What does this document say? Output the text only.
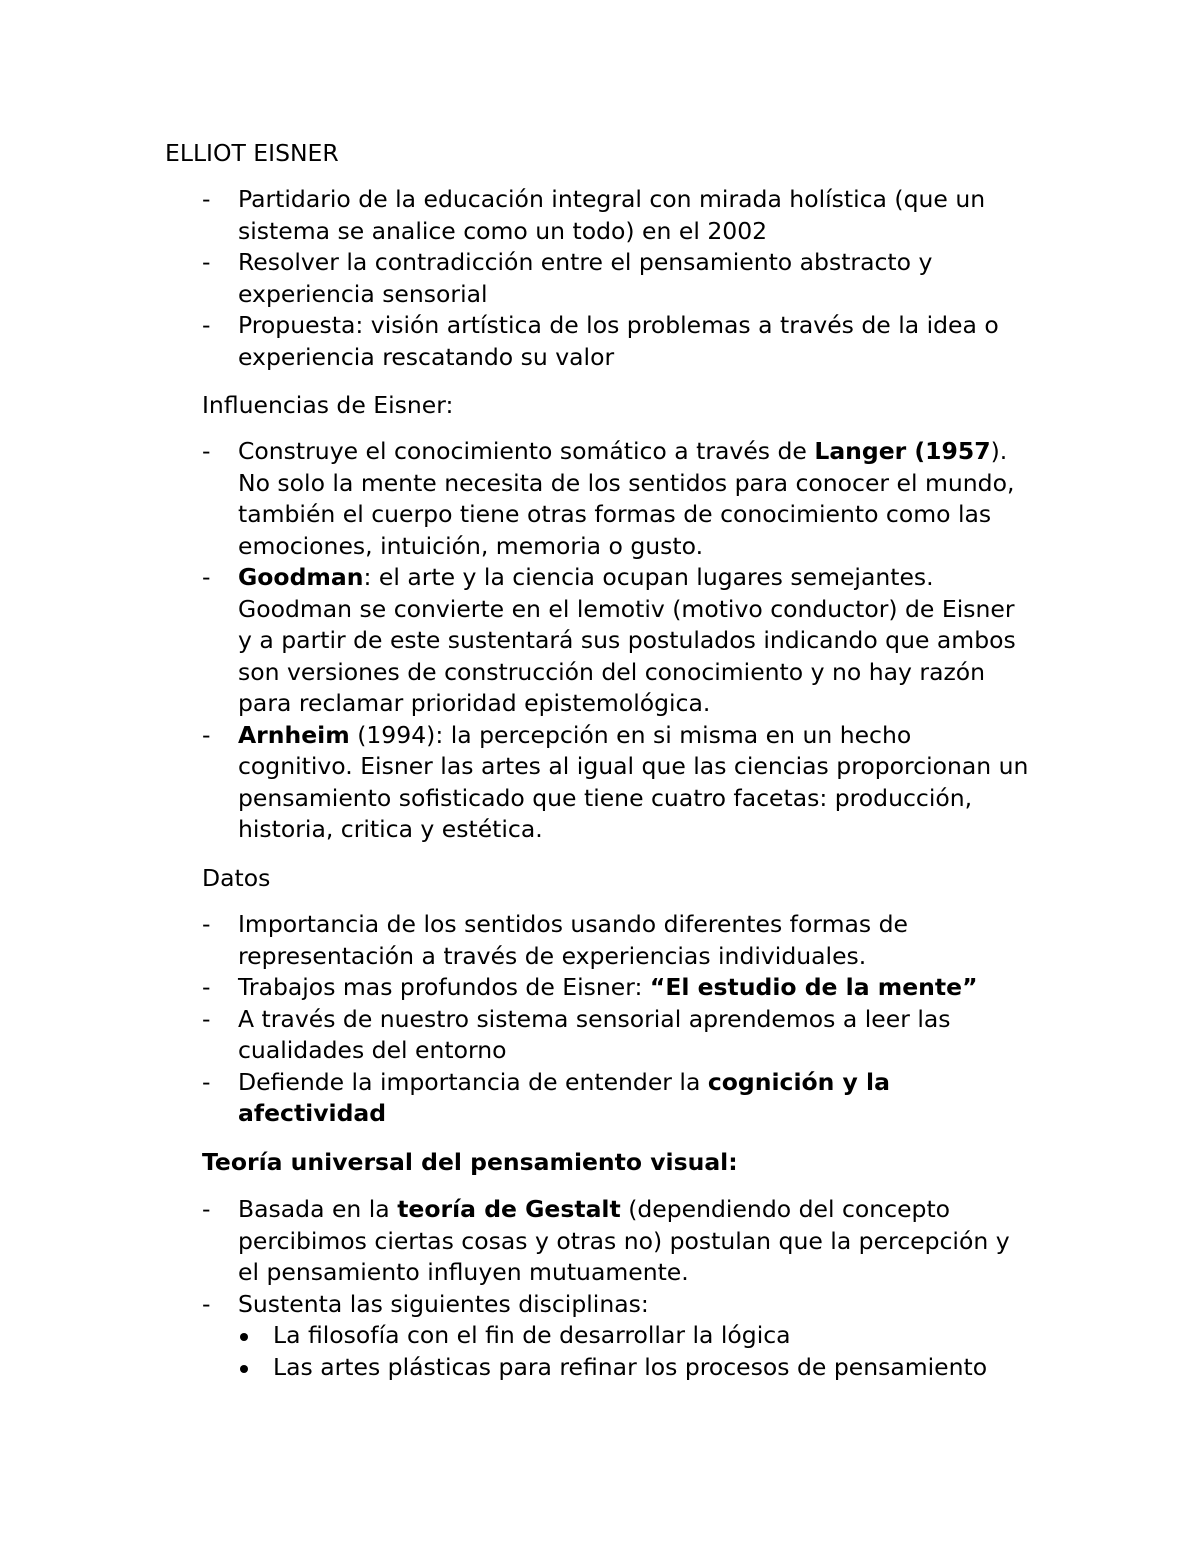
ELLIOT EISNER
- Partidario de la educación integral con mirada holística (que un
sistema se analice como un todo) en el 2002
- Resolver la contradicción entre el pensamiento abstracto y
experiencia sensorial
- Propuesta: visión artística de los problemas a través de la idea o
experiencia rescatando su valor
Influencias de Eisner:
- Construye el conocimiento somático a través de Langer (1957).
No solo la mente necesita de los sentidos para conocer el mundo,
también el cuerpo tiene otras formas de conocimiento como las
emociones, intuición, memoria o gusto.
- Goodman: el arte y la ciencia ocupan lugares semejantes.
Goodman se convierte en el lemotiv (motivo conductor) de Eisner
y a partir de este sustentará sus postulados indicando que ambos
son versiones de construcción del conocimiento y no hay razón
para reclamar prioridad epistemológica.
- Arnheim (1994): la percepción en si misma en un hecho
cognitivo. Eisner las artes al igual que las ciencias proporcionan un
pensamiento sofisticado que tiene cuatro facetas: producción,
historia, critica y estética.
Datos
- Importancia de los sentidos usando diferentes formas de
representación a través de experiencias individuales.
- Trabajos mas profundos de Eisner: “El estudio de la mente”
- A través de nuestro sistema sensorial aprendemos a leer las
cualidades del entorno
- Defiende la importancia de entender la cognición y la
afectividad
Teoría universal del pensamiento visual:
- Basada en la teoría de Gestalt (dependiendo del concepto
percibimos ciertas cosas y otras no) postulan que la percepción y
el pensamiento influyen mutuamente.
- Sustenta las siguientes disciplinas:
La filosofía con el fin de desarrollar la lógica
Las artes plásticas para refinar los procesos de pensamiento
